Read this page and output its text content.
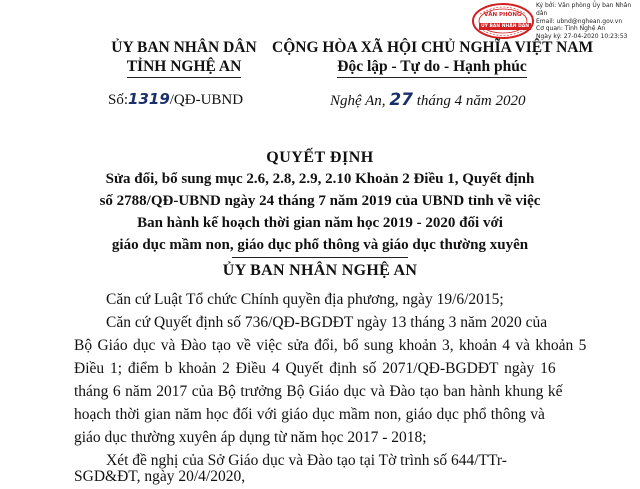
VĂN PHÒNG
UỶ BAN NHÂN DÂN
Ký bởi: Văn phòng Ủy ban Nhân dân
Email: ubnd@nghean.gov.vn
Cơ quan: Tỉnh Nghệ An
Ngày ký: 27-04-2020 10:23:53
ỦY BAN NHÂN DÂN
TỈNH NGHỆ AN
CỘNG HÒA XÃ HỘI CHỦ NGHĨA VIỆT NAM
Độc lập - Tự do - Hạnh phúc
Số:1319/QĐ-UBND	Nghệ An, 27 tháng 4 năm 2020
QUYẾT ĐỊNH
Sửa đổi, bổ sung mục 2.6, 2.8, 2.9, 2.10 Khoản 2 Điều 1, Quyết định
số 2788/QĐ-UBND ngày 24 tháng 7 năm 2019 của UBND tỉnh về việc
Ban hành kế hoạch thời gian năm học 2019 - 2020 đối với
giáo dục mầm non, giáo dục phổ thông và giáo dục thường xuyên
ỦY BAN NHÂN NGHỆ AN
Căn cứ Luật Tổ chức Chính quyền địa phương, ngày 19/6/2015;
Căn cứ Quyết định số 736/QĐ-BGDĐT ngày 13 tháng 3 năm 2020 của
Bộ Giáo dục và Đào tạo về việc sửa đổi, bổ sung khoản 3, khoản 4 và khoản 5
Điều 1; điểm b khoản 2 Điều 4 Quyết định số 2071/QĐ-BGDĐT ngày 16
tháng 6 năm 2017 của Bộ trưởng Bộ Giáo dục và Đào tạo ban hành khung kế
hoạch thời gian năm học đối với giáo dục mầm non, giáo dục phổ thông và
giáo dục thường xuyên áp dụng từ năm học 2017 - 2018;
Xét đề nghị của Sở Giáo dục và Đào tạo tại Tờ trình số 644/TTr-
SGD&ĐT, ngày 20/4/2020,
